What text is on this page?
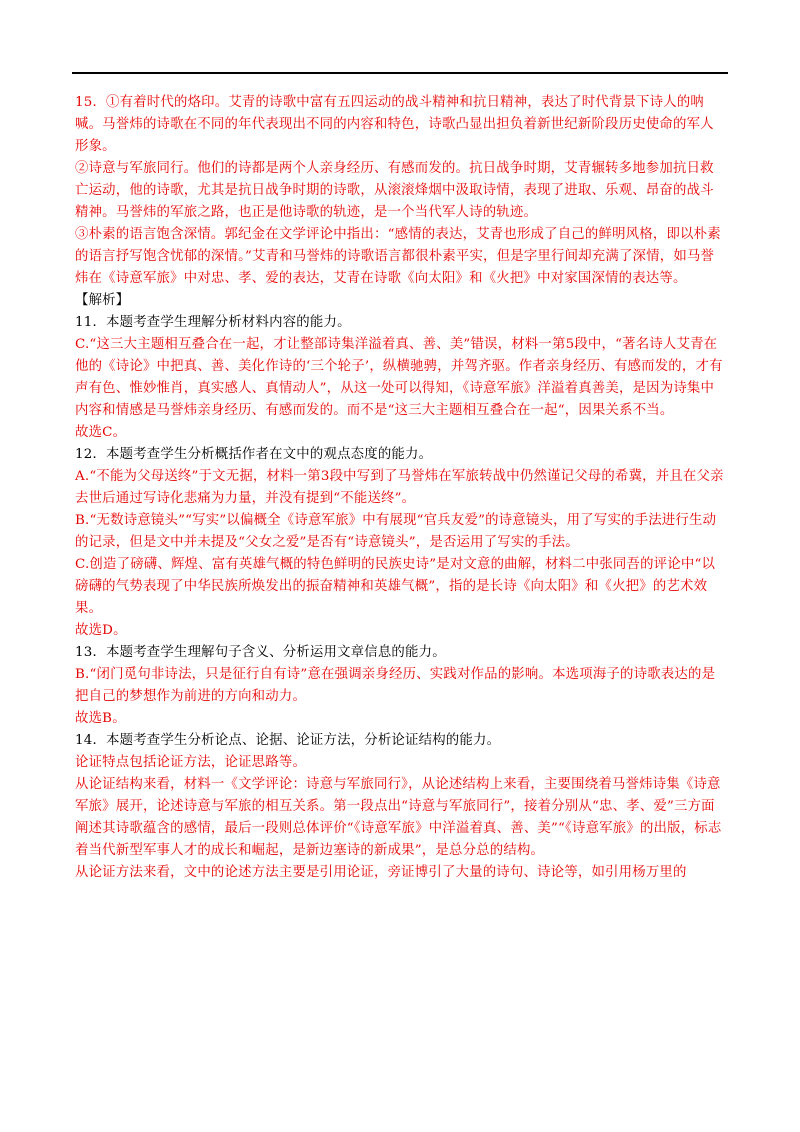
15．①有着时代的烙印。艾青的诗歌中富有五四运动的战斗精神和抗日精神，表达了时代背景下诗人的呐喊。马誉炜的诗歌在不同的年代表现出不同的内容和特色，诗歌凸显出担负着新世纪新阶段历史使命的军人形象。

②诗意与军旅同行。他们的诗都是两个人亲身经历、有感而发的。抗日战争时期，艾青辗转多地参加抗日救亡运动，他的诗歌，尤其是抗日战争时期的诗歌，从滚滚烽烟中汲取诗情，表现了进取、乐观、昂奋的战斗精神。马誉炜的军旅之路，也正是他诗歌的轨迹，是一个当代军人诗的轨迹。

③朴素的语言饱含深情。郭纪金在文学评论中指出：“感情的表达，艾青也形成了自己的鲜明风格，即以朴素的语言抒写饱含忧郁的深情。”艾青和马誉炜的诗歌语言都很朴素平实，但是字里行间却充满了深情，如马誉炜在《诗意军旅》中对忠、孝、爱的表达，艾青在诗歌《向太阳》和《火把》中对家国深情的表达等。

【解析】

11．本题考查学生理解分析材料内容的能力。

C.“这三大主题相互叠合在一起，才让整部诗集洋溢着真、善、美”错误，材料一第5段中，“著名诗人艾青在他的《诗论》中把真、善、美化作诗的‘三个轮子’，纵横驰骋，并驾齐驱。作者亲身经历、有感而发的，才有声有色、惟妙惟肖，真实感人、真情动人”，从这一处可以得知，《诗意军旅》洋溢着真善美，是因为诗集中内容和情感是马誉炜亲身经历、有感而发的。而不是“这三大主题相互叠合在一起“，因果关系不当。

故选C。

12．本题考查学生分析概括作者在文中的观点态度的能力。

A.“不能为父母送终”于文无据，材料一第3段中写到了马誉炜在军旅转战中仍然谨记父母的希冀，并且在父亲去世后通过写诗化悲痛为力量，并没有提到“不能送终”。

B.“无数诗意镜头”“写实”以偏概全《诗意军旅》中有展现“官兵友爱”的诗意镜头，用了写实的手法进行生动的记录，但是文中并未提及“父女之爱”是否有“诗意镜头”，是否运用了写实的手法。

C.创造了磅礴、辉煌、富有英雄气概的特色鲜明的民族史诗”是对文意的曲解，材料二中张同吾的评论中“以磅礴的气势表现了中华民族所焕发出的振奋精神和英雄气概”，指的是长诗《向太阳》和《火把》的艺术效果。

故选D。

13．本题考查学生理解句子含义、分析运用文章信息的能力。

B.“闭门觅句非诗法，只是征行自有诗”意在强调亲身经历、实践对作品的影响。本选项海子的诗歌表达的是把自己的梦想作为前进的方向和动力。

故选B。

14．本题考查学生分析论点、论据、论证方法，分析论证结构的能力。

论证特点包括论证方法，论证思路等。

从论证结构来看，材料一《文学评论：诗意与军旅同行》，从论述结构上来看，主要围绕着马誉炜诗集《诗意军旅》展开，论述诗意与军旅的相互关系。第一段点出“诗意与军旅同行”，接着分别从“忠、孝、爱”三方面阐述其诗歌蕴含的感情，最后一段则总体评价“《诗意军旅》中洋溢着真、善、美”“《诗意军旅》的出版，标志着当代新型军事人才的成长和崛起，是新边塞诗的新成果”，是总分总的结构。

从论证方法来看，文中的论述方法主要是引用论证，旁证博引了大量的诗句、诗论等，如引用杨万里的
